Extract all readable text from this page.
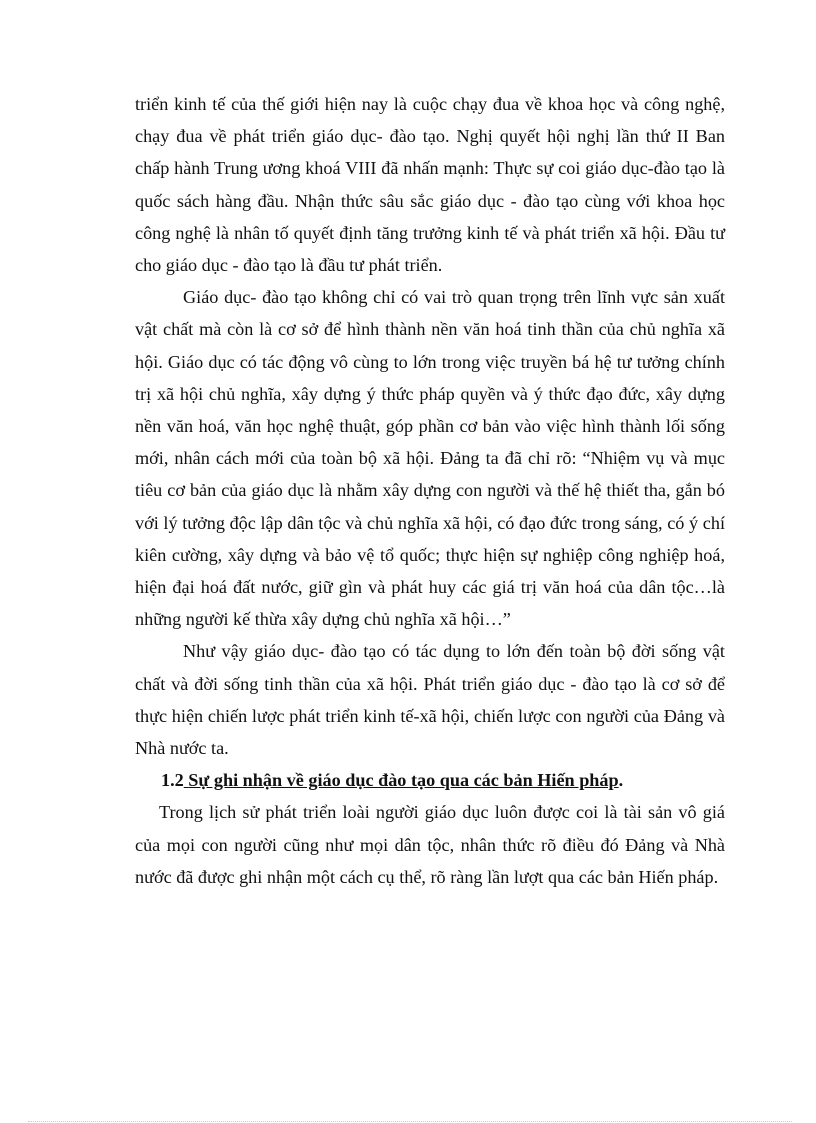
triển kinh tế của thế giới hiện nay là cuộc chạy đua về khoa học và công nghệ, chạy đua về phát triển giáo dục- đào tạo. Nghị quyết hội nghị lần thứ II Ban chấp hành Trung ương khoá VIII đã nhấn mạnh: Thực sự coi giáo dục-đào tạo là quốc sách hàng đầu. Nhận thức sâu sắc giáo dục - đào tạo cùng với khoa học công nghệ là nhân tố quyết định tăng trưởng kinh tế và phát triển xã hội. Đầu tư cho giáo dục - đào tạo là đầu tư phát triển.

Giáo dục- đào tạo không chỉ có vai trò quan trọng trên lĩnh vực sản xuất vật chất mà còn là cơ sở để hình thành nền văn hoá tinh thần của chủ nghĩa xã hội. Giáo dục có tác động vô cùng to lớn trong việc truyền bá hệ tư tưởng chính trị xã hội chủ nghĩa, xây dựng ý thức pháp quyền và ý thức đạo đức, xây dựng nền văn hoá, văn học nghệ thuật, góp phần cơ bản vào việc hình thành lối sống mới, nhân cách mới của toàn bộ xã hội. Đảng ta đã chỉ rõ: “Nhiệm vụ và mục tiêu cơ bản của giáo dục là nhằm xây dựng con người và thế hệ thiết tha, gắn bó với lý tưởng độc lập dân tộc và chủ nghĩa xã hội, có đạo đức trong sáng, có ý chí kiên cường, xây dựng và bảo vệ tổ quốc; thực hiện sự nghiệp công nghiệp hoá, hiện đại hoá đất nước, giữ gìn và phát huy các giá trị văn hoá của dân tộc…là những người kế thừa xây dựng chủ nghĩa xã hội…”

Như vậy giáo dục- đào tạo có tác dụng to lớn đến toàn bộ đời sống vật chất và đời sống tinh thần của xã hội. Phát triển giáo dục - đào tạo là cơ sở để thực hiện chiến lược phát triển kinh tế-xã hội, chiến lược con người của Đảng và Nhà nước ta.

1.2 Sự ghi nhận về giáo dục đào tạo qua các bản Hiến pháp.

Trong lịch sử phát triển loài người giáo dục luôn được coi là tài sản vô giá của mọi con người cũng như mọi dân tộc, nhân thức rõ điều đó Đảng và Nhà nước đã được ghi nhận một cách cụ thể, rõ ràng lần lượt qua các bản Hiến pháp.
